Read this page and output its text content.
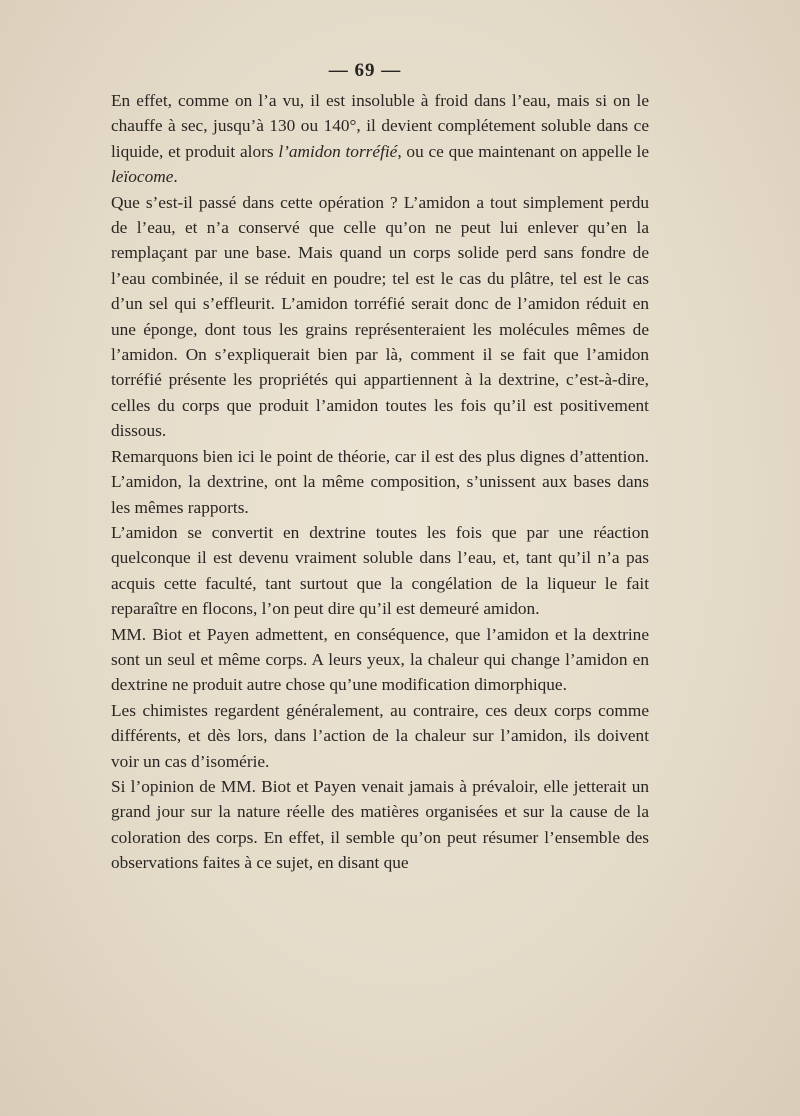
— 69 —

En effet, comme on l’a vu, il est insoluble à froid dans l’eau, mais si on le chauffe à sec, jusqu’à 130 ou 140°, il devient complétement soluble dans ce liquide, et produit alors l’amidon torréfié, ou ce que maintenant on appelle le leïocome.

Que s’est-il passé dans cette opération ? L’amidon a tout simplement perdu de l’eau, et n’a conservé que celle qu’on ne peut lui enlever qu’en la remplaçant par une base. Mais quand un corps solide perd sans fondre de l’eau combinée, il se réduit en poudre; tel est le cas du plâtre, tel est le cas d’un sel qui s’effleurit. L’amidon torréfié serait donc de l’amidon réduit en une éponge, dont tous les grains représenteraient les molécules mêmes de l’amidon. On s’expliquerait bien par là, comment il se fait que l’amidon torréfié présente les propriétés qui appartiennent à la dextrine, c’est-à-dire, celles du corps que produit l’amidon toutes les fois qu’il est positivement dissous.

Remarquons bien ici le point de théorie, car il est des plus dignes d’attention. L’amidon, la dextrine, ont la même composition, s’unissent aux bases dans les mêmes rapports.

L’amidon se convertit en dextrine toutes les fois que par une réaction quelconque il est devenu vraiment soluble dans l’eau, et, tant qu’il n’a pas acquis cette faculté, tant surtout que la congélation de la liqueur le fait reparaître en flocons, l’on peut dire qu’il est demeuré amidon.

MM. Biot et Payen admettent, en conséquence, que l’amidon et la dextrine sont un seul et même corps. A leurs yeux, la chaleur qui change l’amidon en dextrine ne produit autre chose qu’une modification dimorphique.

Les chimistes regardent généralement, au contraire, ces deux corps comme différents, et dès lors, dans l’action de la chaleur sur l’amidon, ils doivent voir un cas d’isomérie.

Si l’opinion de MM. Biot et Payen venait jamais à prévaloir, elle jetterait un grand jour sur la nature réelle des matières organisées et sur la cause de la coloration des corps. En effet, il semble qu’on peut résumer l’ensemble des observations faites à ce sujet, en disant que
